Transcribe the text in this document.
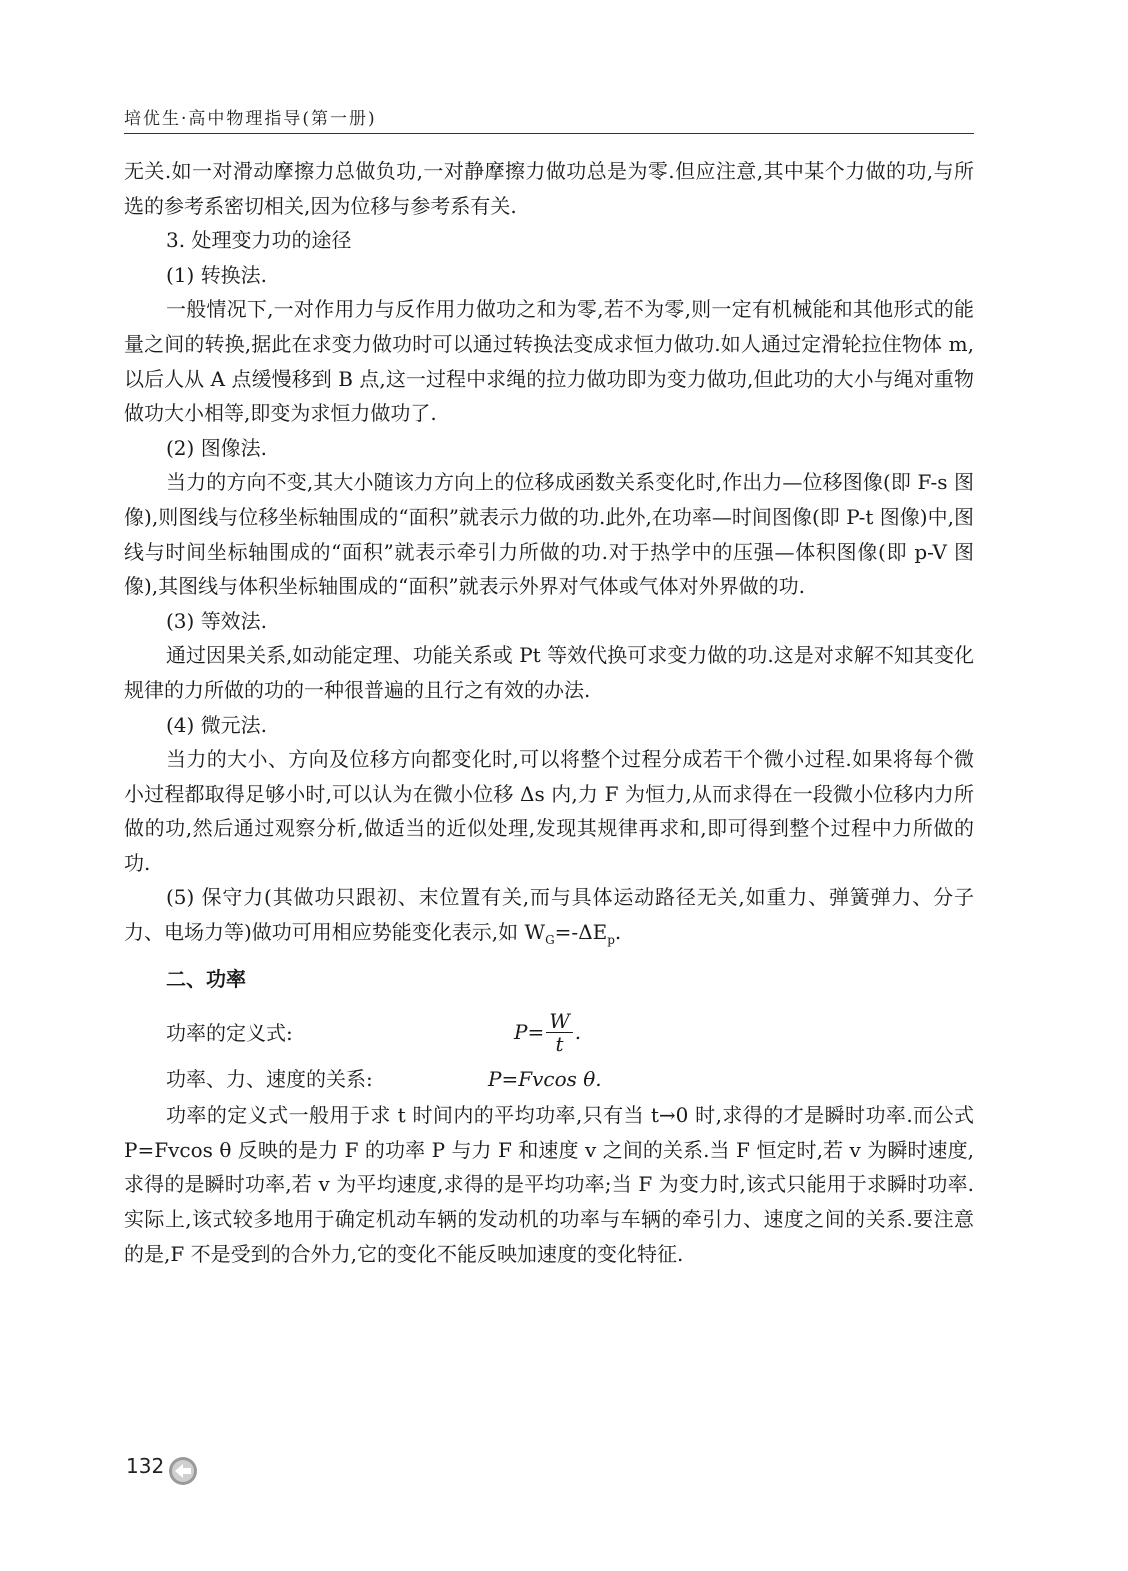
培优生·高中物理指导(第一册)

无关.如一对滑动摩擦力总做负功,一对静摩擦力做功总是为零.但应注意,其中某个力做的功,与所选的参考系密切相关,因为位移与参考系有关.

3. 处理变力功的途径

(1) 转换法.

一般情况下,一对作用力与反作用力做功之和为零,若不为零,则一定有机械能和其他形式的能量之间的转换,据此在求变力做功时可以通过转换法变成求恒力做功.如人通过定滑轮拉住物体 m,以后人从 A 点缓慢移到 B 点,这一过程中求绳的拉力做功即为变力做功,但此功的大小与绳对重物做功大小相等,即变为求恒力做功了.

(2) 图像法.

当力的方向不变,其大小随该力方向上的位移成函数关系变化时,作出力—位移图像(即 F-s 图像),则图线与位移坐标轴围成的“面积”就表示力做的功.此外,在功率—时间图像(即 P-t 图像)中,图线与时间坐标轴围成的“面积”就表示牵引力所做的功.对于热学中的压强—体积图像(即 p-V 图像),其图线与体积坐标轴围成的“面积”就表示外界对气体或气体对外界做的功.

(3) 等效法.

通过因果关系,如动能定理、功能关系或 Pt 等效代换可求变力做的功.这是对求解不知其变化规律的力所做的功的一种很普遍的且行之有效的办法.

(4) 微元法.

当力的大小、方向及位移方向都变化时,可以将整个过程分成若干个微小过程.如果将每个微小过程都取得足够小时,可以认为在微小位移 Δs 内,力 F 为恒力,从而求得在一段微小位移内力所做的功,然后通过观察分析,做适当的近似处理,发现其规律再求和,即可得到整个过程中力所做的功.

(5) 保守力(其做功只跟初、末位置有关,而与具体运动路径无关,如重力、弹簧弹力、分子力、电场力等)做功可用相应势能变化表示,如 $W_G=-\Delta E_p$.

二、功率

功率的定义式:	$P= \frac{W}{t}$ .
功率、力、速度的关系:	P=Fvcos θ.

功率的定义式一般用于求 t 时间内的平均功率,只有当 t→0 时,求得的才是瞬时功率.而公式 P=Fvcos θ 反映的是力 F 的功率 P 与力 F 和速度 v 之间的关系.当 F 恒定时,若 v 为瞬时速度,求得的是瞬时功率,若 v 为平均速度,求得的是平均功率;当 F 为变力时,该式只能用于求瞬时功率.实际上,该式较多地用于确定机动车辆的发动机的功率与车辆的牵引力、速度之间的关系.要注意的是,F 不是受到的合外力,它的变化不能反映加速度的变化特征.

132
